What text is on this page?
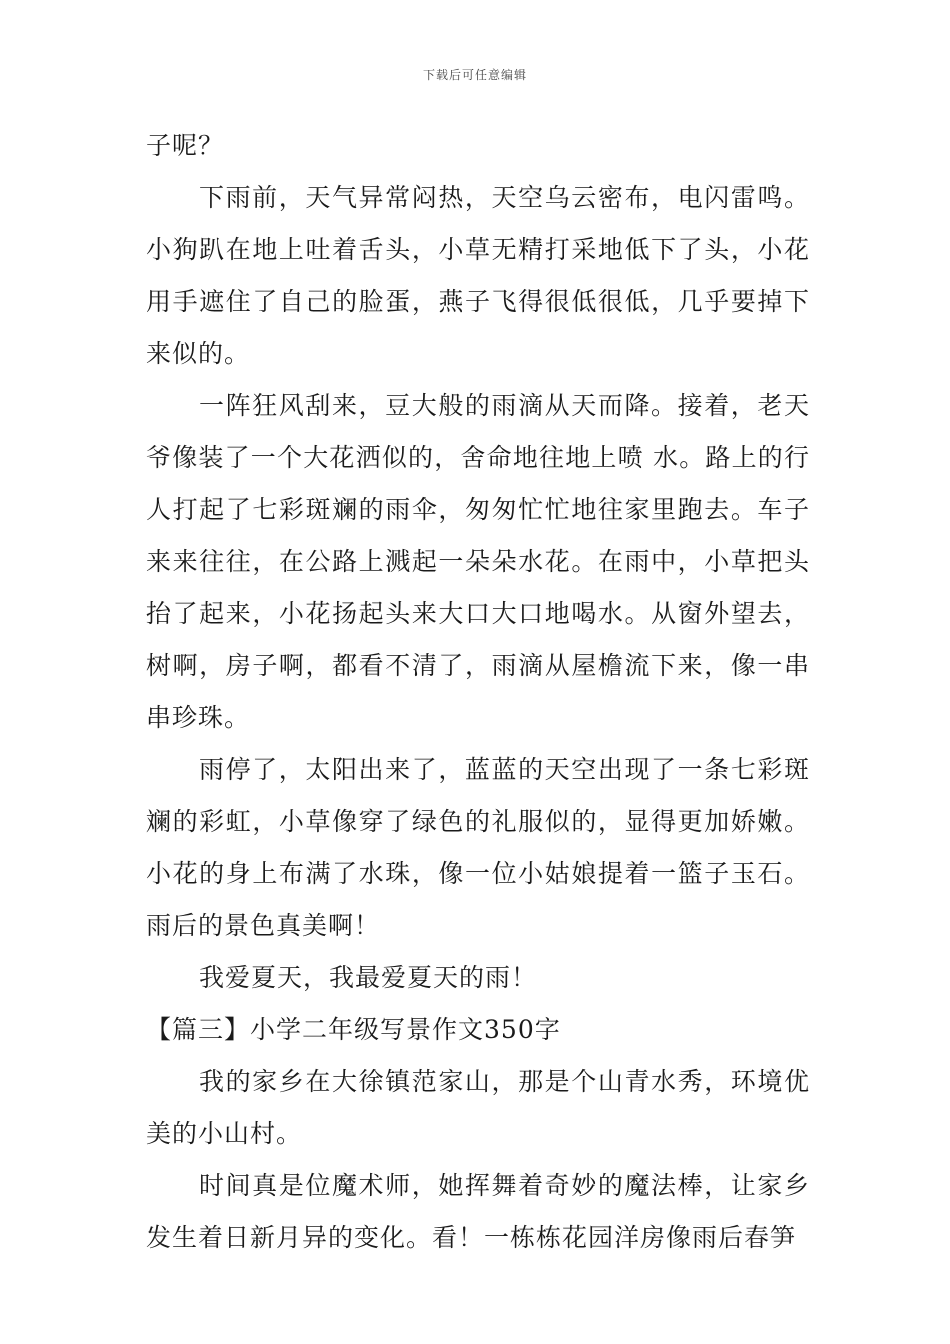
下载后可任意编辑

子呢？

下雨前，天气异常闷热，天空乌云密布，电闪雷鸣。小狗趴在地上吐着舌头，小草无精打采地低下了头，小花用手遮住了自己的脸蛋，燕子飞得很低很低，几乎要掉下来似的。

一阵狂风刮来，豆大般的雨滴从天而降。接着，老天爷像装了一个大花洒似的，舍命地往地上喷 水。路上的行人打起了七彩斑斓的雨伞，匆匆忙忙地往家里跑去。车子来来往往，在公路上溅起一朵朵水花。在雨中，小草把头抬了起来，小花扬起头来大口大口地喝水。从窗外望去，树啊，房子啊，都看不清了，雨滴从屋檐流下来，像一串串珍珠。

雨停了，太阳出来了，蓝蓝的天空出现了一条七彩斑斓的彩虹，小草像穿了绿色的礼服似的，显得更加娇嫩。小花的身上布满了水珠，像一位小姑娘提着一篮子玉石。雨后的景色真美啊！

我爱夏天，我最爱夏天的雨！

【篇三】小学二年级写景作文350字

我的家乡在大徐镇范家山，那是个山青水秀，环境优美的小山村。

时间真是位魔术师，她挥舞着奇妙的魔法棒，让家乡发生着日新月异的变化。看！一栋栋花园洋房像雨后春笋
